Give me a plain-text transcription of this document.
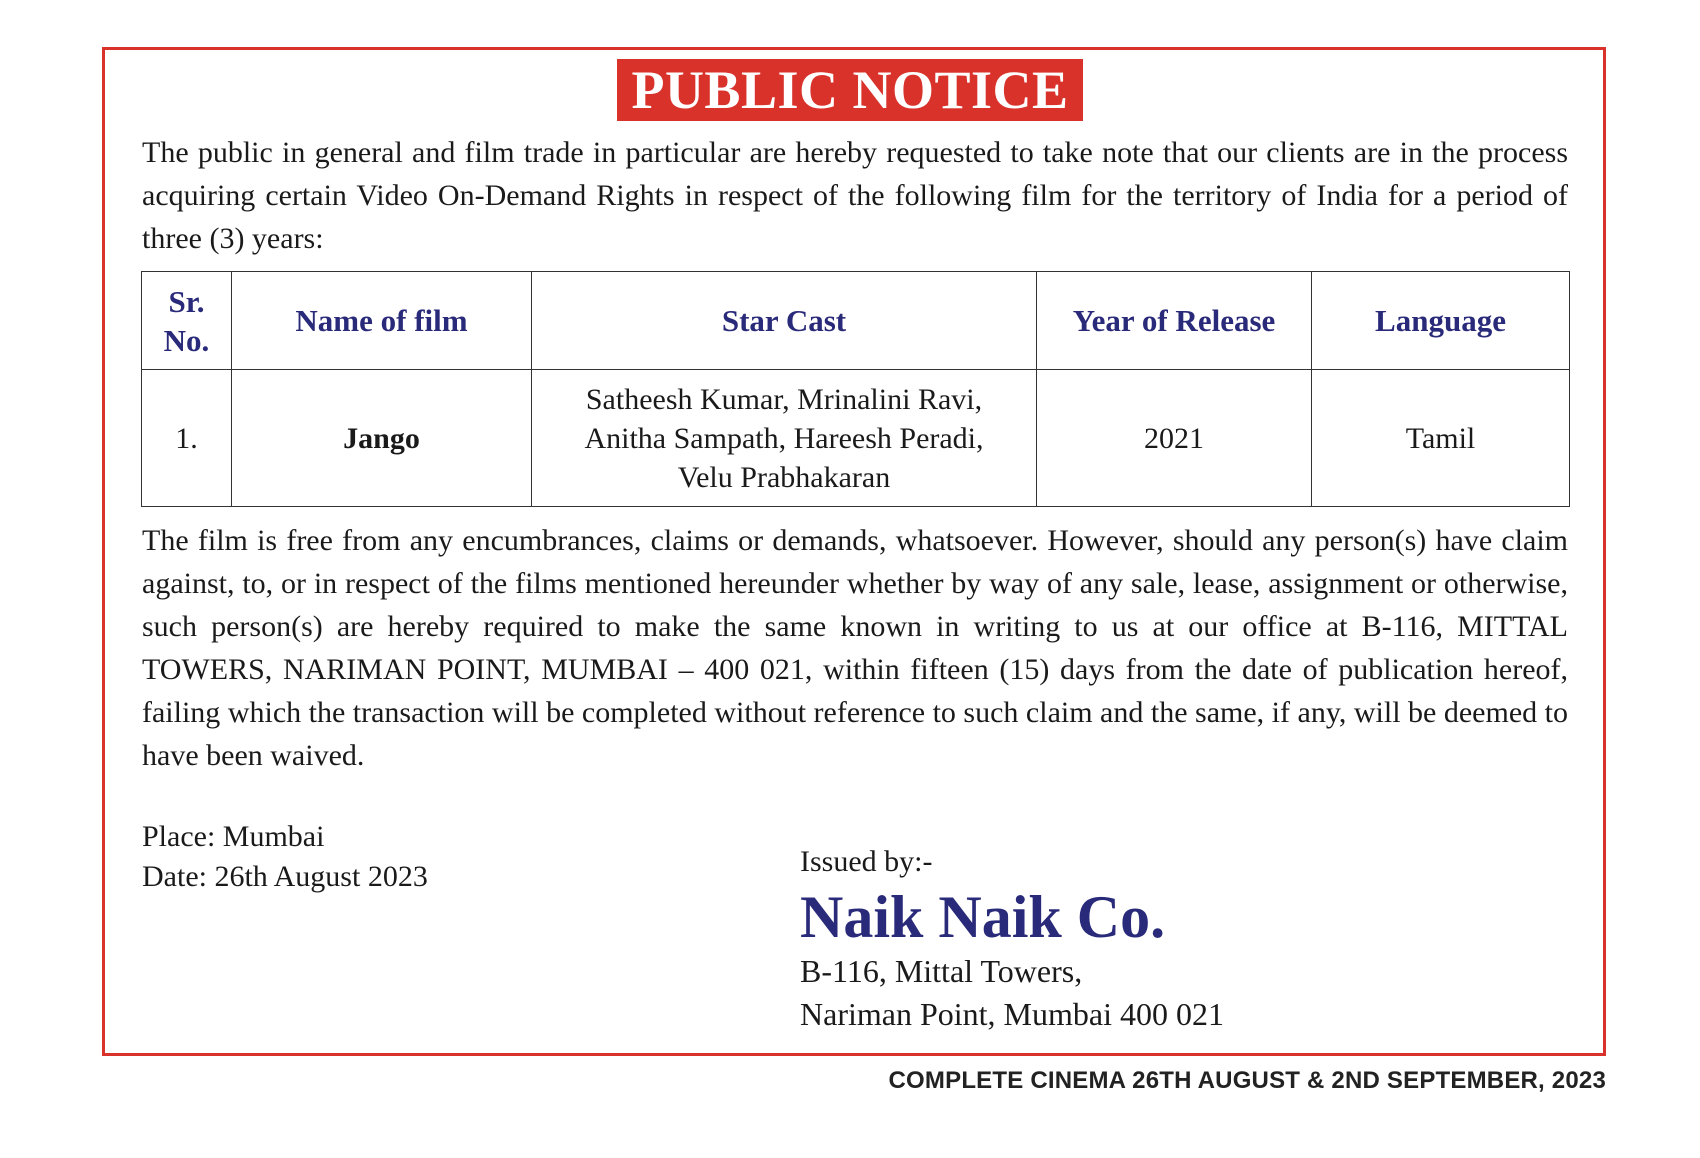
PUBLIC NOTICE

The public in general and film trade in particular are hereby requested to take note that our clients are in the process acquiring certain Video On-Demand Rights in respect of the following film for the territory of India for a period of three (3) years:

Sr.
No.	Name of film	Star Cast	Year of Release	Language
1.	Jango	Satheesh Kumar, Mrinalini Ravi,
Anitha Sampath, Hareesh Peradi,
Velu Prabhakaran	2021	Tamil

The film is free from any encumbrances, claims or demands, whatsoever. However, should any person(s) have claim against, to, or in respect of the films mentioned hereunder whether by way of any sale, lease, assignment or otherwise, such person(s) are hereby required to make the same known in writing to us at our office at B-116, MITTAL TOWERS, NARIMAN POINT, MUMBAI – 400 021, within fifteen (15) days from the date of publication hereof, failing which the transaction will be completed without reference to such claim and the same, if any, will be deemed to have been waived.

Place: Mumbai
Date: 26th August 2023	Issued by:-
Naik Naik Co.
B-116, Mittal Towers,
Nariman Point, Mumbai 400 021
COMPLETE CINEMA 26TH AUGUST & 2ND SEPTEMBER, 2023
